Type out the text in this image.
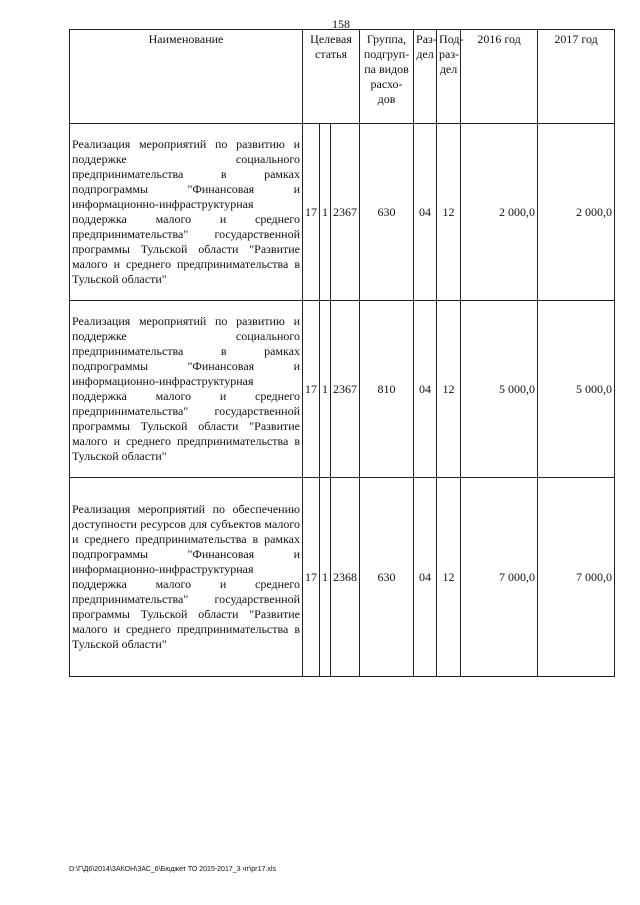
158
Наименование	Целевая статья			Группа, подгруп-па видов расхо-дов	Раз-дел	Под-раз-дел	2016 год	2017 год
Реализация мероприятий по развитию и поддержке социального предпринимательства в рамках подпрограммы "Финансовая и информационно-инфраструктурная поддержка малого и среднего предпринимательства" государственной программы Тульской области "Развитие малого и среднего предпринимательства в Тульской области"	17	1	2367	630	04	12	2 000,0	2 000,0
Реализация мероприятий по развитию и поддержке социального предпринимательства в рамках подпрограммы "Финансовая и информационно-инфраструктурная поддержка малого и среднего предпринимательства" государственной программы Тульской области "Развитие малого и среднего предпринимательства в Тульской области"	17	1	2367	810	04	12	5 000,0	5 000,0
Реализация мероприятий по обеспечению доступности ресурсов для субъектов малого и среднего предпринимательства в рамках подпрограммы "Финансовая и информационно-инфраструктурная поддержка малого и среднего предпринимательства" государственной программы Тульской области "Развитие малого и среднего предпринимательства в Тульской области"	17	1	2368	630	04	12	7 000,0	7 000,0
D:\Г\Д6\2014\ЗАКОН\ЗАС_6\Бюджет ТО 2015-2017_3 чт\рг17.xls
